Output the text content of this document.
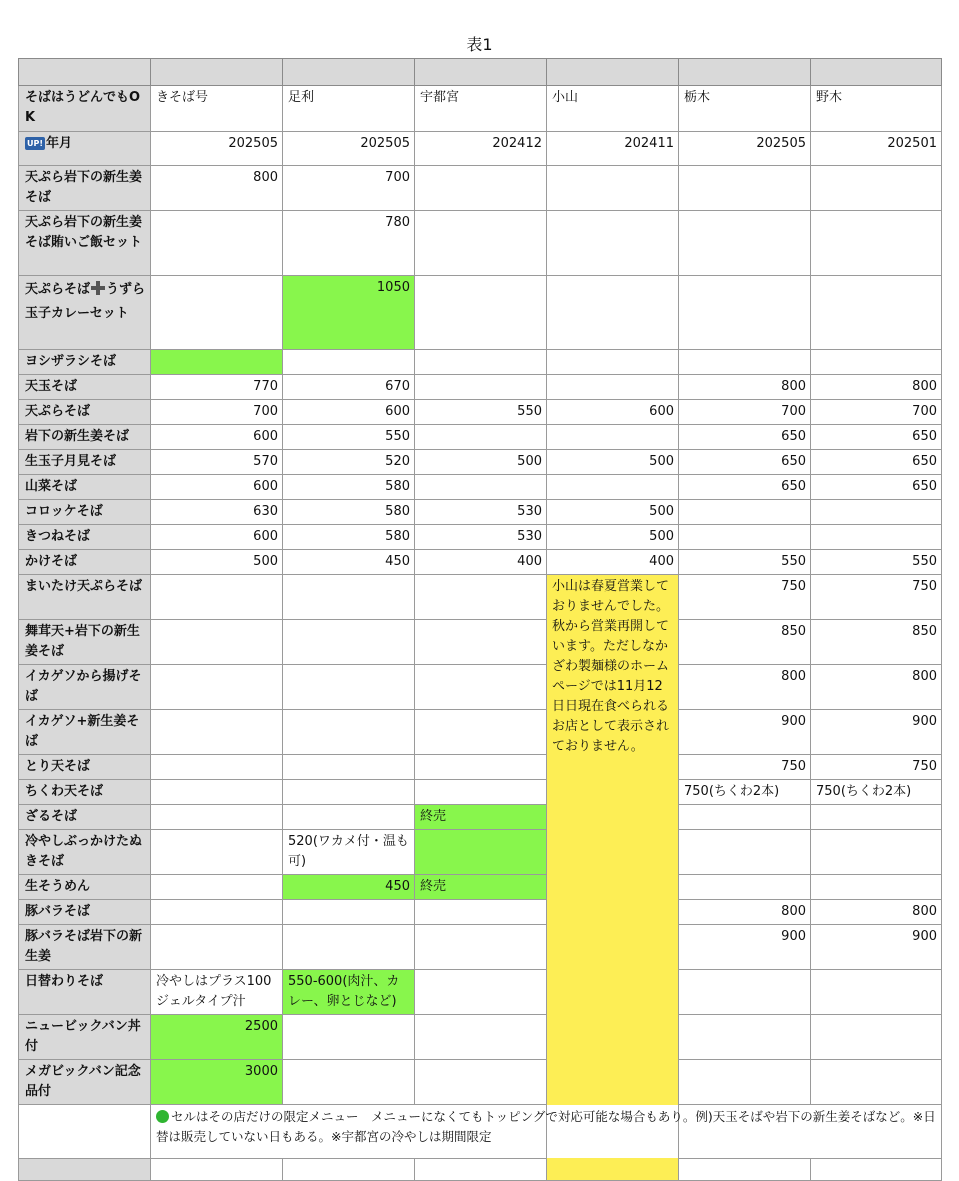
表1

そばはうどんでもOK	きそば号	足利	宇都宮	小山	栃木	野木	
UP! 年月	202505	202505	202412	202411	202505	202501	
天ぷら岩下の新生姜そば	800	700					
天ぷら岩下の新生姜そば賄いご飯セット		780					
天ぷらそば うずら玉子カレーセット		1050					
ヨシザラシそば							
天玉そば	770	670			800	800	
天ぷらそば	700	600	550	600	700	700	
岩下の新生姜そば	600	550			650	650	
生玉子月見そば	570	520	500	500	650	650	
山菜そば	600	580			650	650	
コロッケそば	630	580	530	500			
きつねそば	600	580	530	500			
かけそば	500	450	400	400	550	550	
まいたけ天ぷらそば				小山は春夏営業しておりませんでした。秋から営業再開しています。ただしなかざわ製麺様のホームページでは11月12日日現在食べられるお店として表示されておりません。	750	750	
舞茸天+岩下の新生姜そば					850	850	
イカゲソから揚げそば					800	800	
イカゲソ+新生姜そば					900	900	
とり天そば					750	750	
ちくわ天そば					750(ちくわ2本)	750(ちくわ2本)	
ざるそば			終売				
冷やしぶっかけたぬきそば		520(ワカメ付・温も可)					
生そうめん		450	終売				
豚バラそば					800	800	
豚バラそば岩下の新生姜					900	900	
日替わりそば	冷やしはプラス100ジェルタイプ汁	550-600(肉汁、カレー、卵とじなど)					
ニュービックバン丼付	2500						
メガビックバン記念品付	3000						
	セルはその店だけの限定メニュー　メニューになくてもトッピングで対応可能な場合もあり。例)天玉そばや岩下の新生姜そばなど。※日替は販売していない日もある。※宇都宮の冷やしは期間限定						
